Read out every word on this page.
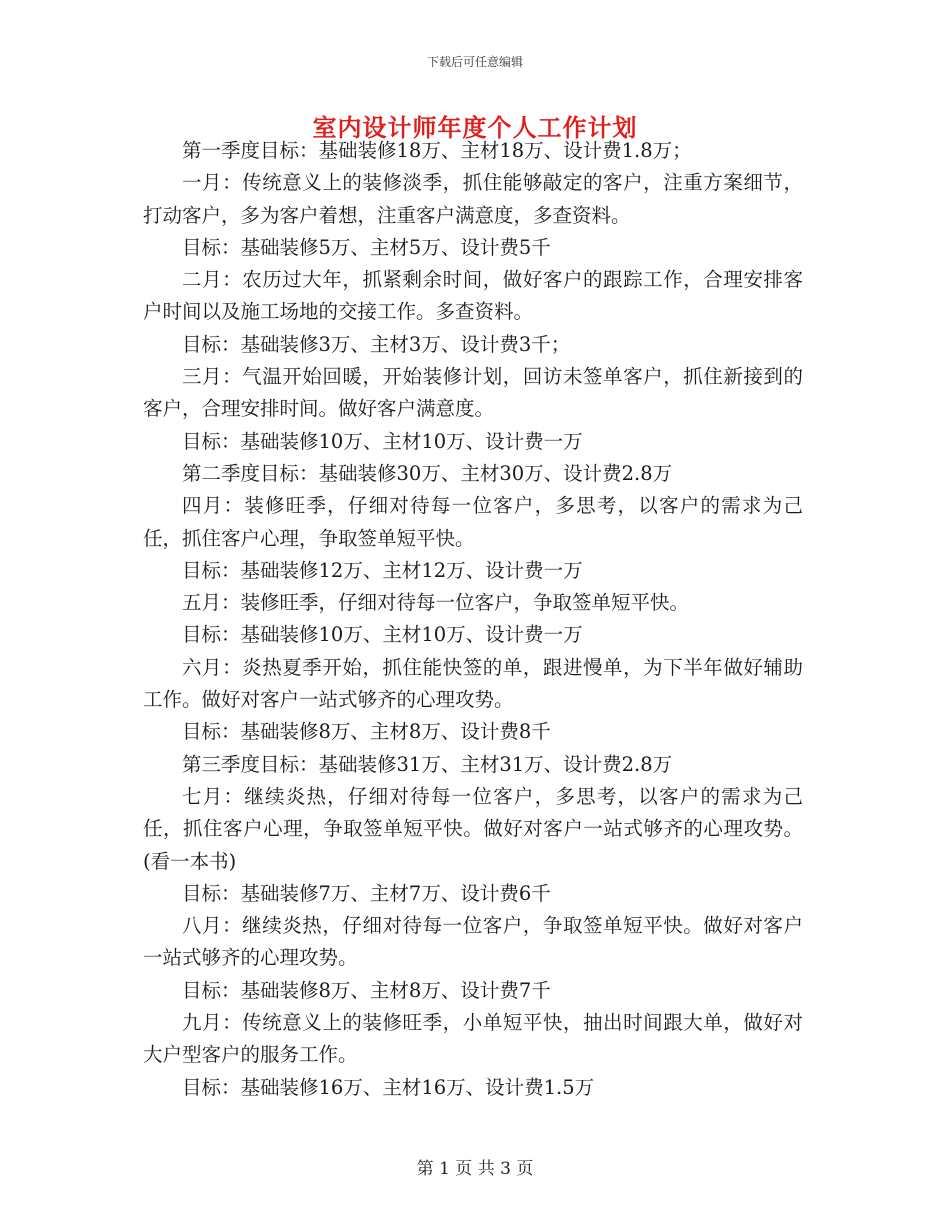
下载后可任意编辑
室内设计师年度个人工作计划

第一季度目标：基础装修18万、主材18万、设计费1.8万；

一月：传统意义上的装修淡季，抓住能够敲定的客户，注重方案细节，打动客户，多为客户着想，注重客户满意度，多查资料。

目标：基础装修5万、主材5万、设计费5千

二月：农历过大年，抓紧剩余时间，做好客户的跟踪工作，合理安排客户时间以及施工场地的交接工作。多查资料。

目标：基础装修3万、主材3万、设计费3千；

三月：气温开始回暖，开始装修计划，回访未签单客户，抓住新接到的客户，合理安排时间。做好客户满意度。

目标：基础装修10万、主材10万、设计费一万

第二季度目标：基础装修30万、主材30万、设计费2.8万

四月：装修旺季，仔细对待每一位客户，多思考，以客户的需求为己任，抓住客户心理，争取签单短平快。

目标：基础装修12万、主材12万、设计费一万

五月：装修旺季，仔细对待每一位客户，争取签单短平快。

目标：基础装修10万、主材10万、设计费一万

六月：炎热夏季开始，抓住能快签的单，跟进慢单，为下半年做好辅助工作。做好对客户一站式够齐的心理攻势。

目标：基础装修8万、主材8万、设计费8千

第三季度目标：基础装修31万、主材31万、设计费2.8万

七月：继续炎热，仔细对待每一位客户，多思考，以客户的需求为己任，抓住客户心理，争取签单短平快。做好对客户一站式够齐的心理攻势。(看一本书)

目标：基础装修7万、主材7万、设计费6千

八月：继续炎热，仔细对待每一位客户，争取签单短平快。做好对客户一站式够齐的心理攻势。

目标：基础装修8万、主材8万、设计费7千

九月：传统意义上的装修旺季，小单短平快，抽出时间跟大单，做好对大户型客户的服务工作。

目标：基础装修16万、主材16万、设计费1.5万

第 1 页 共 3 页
